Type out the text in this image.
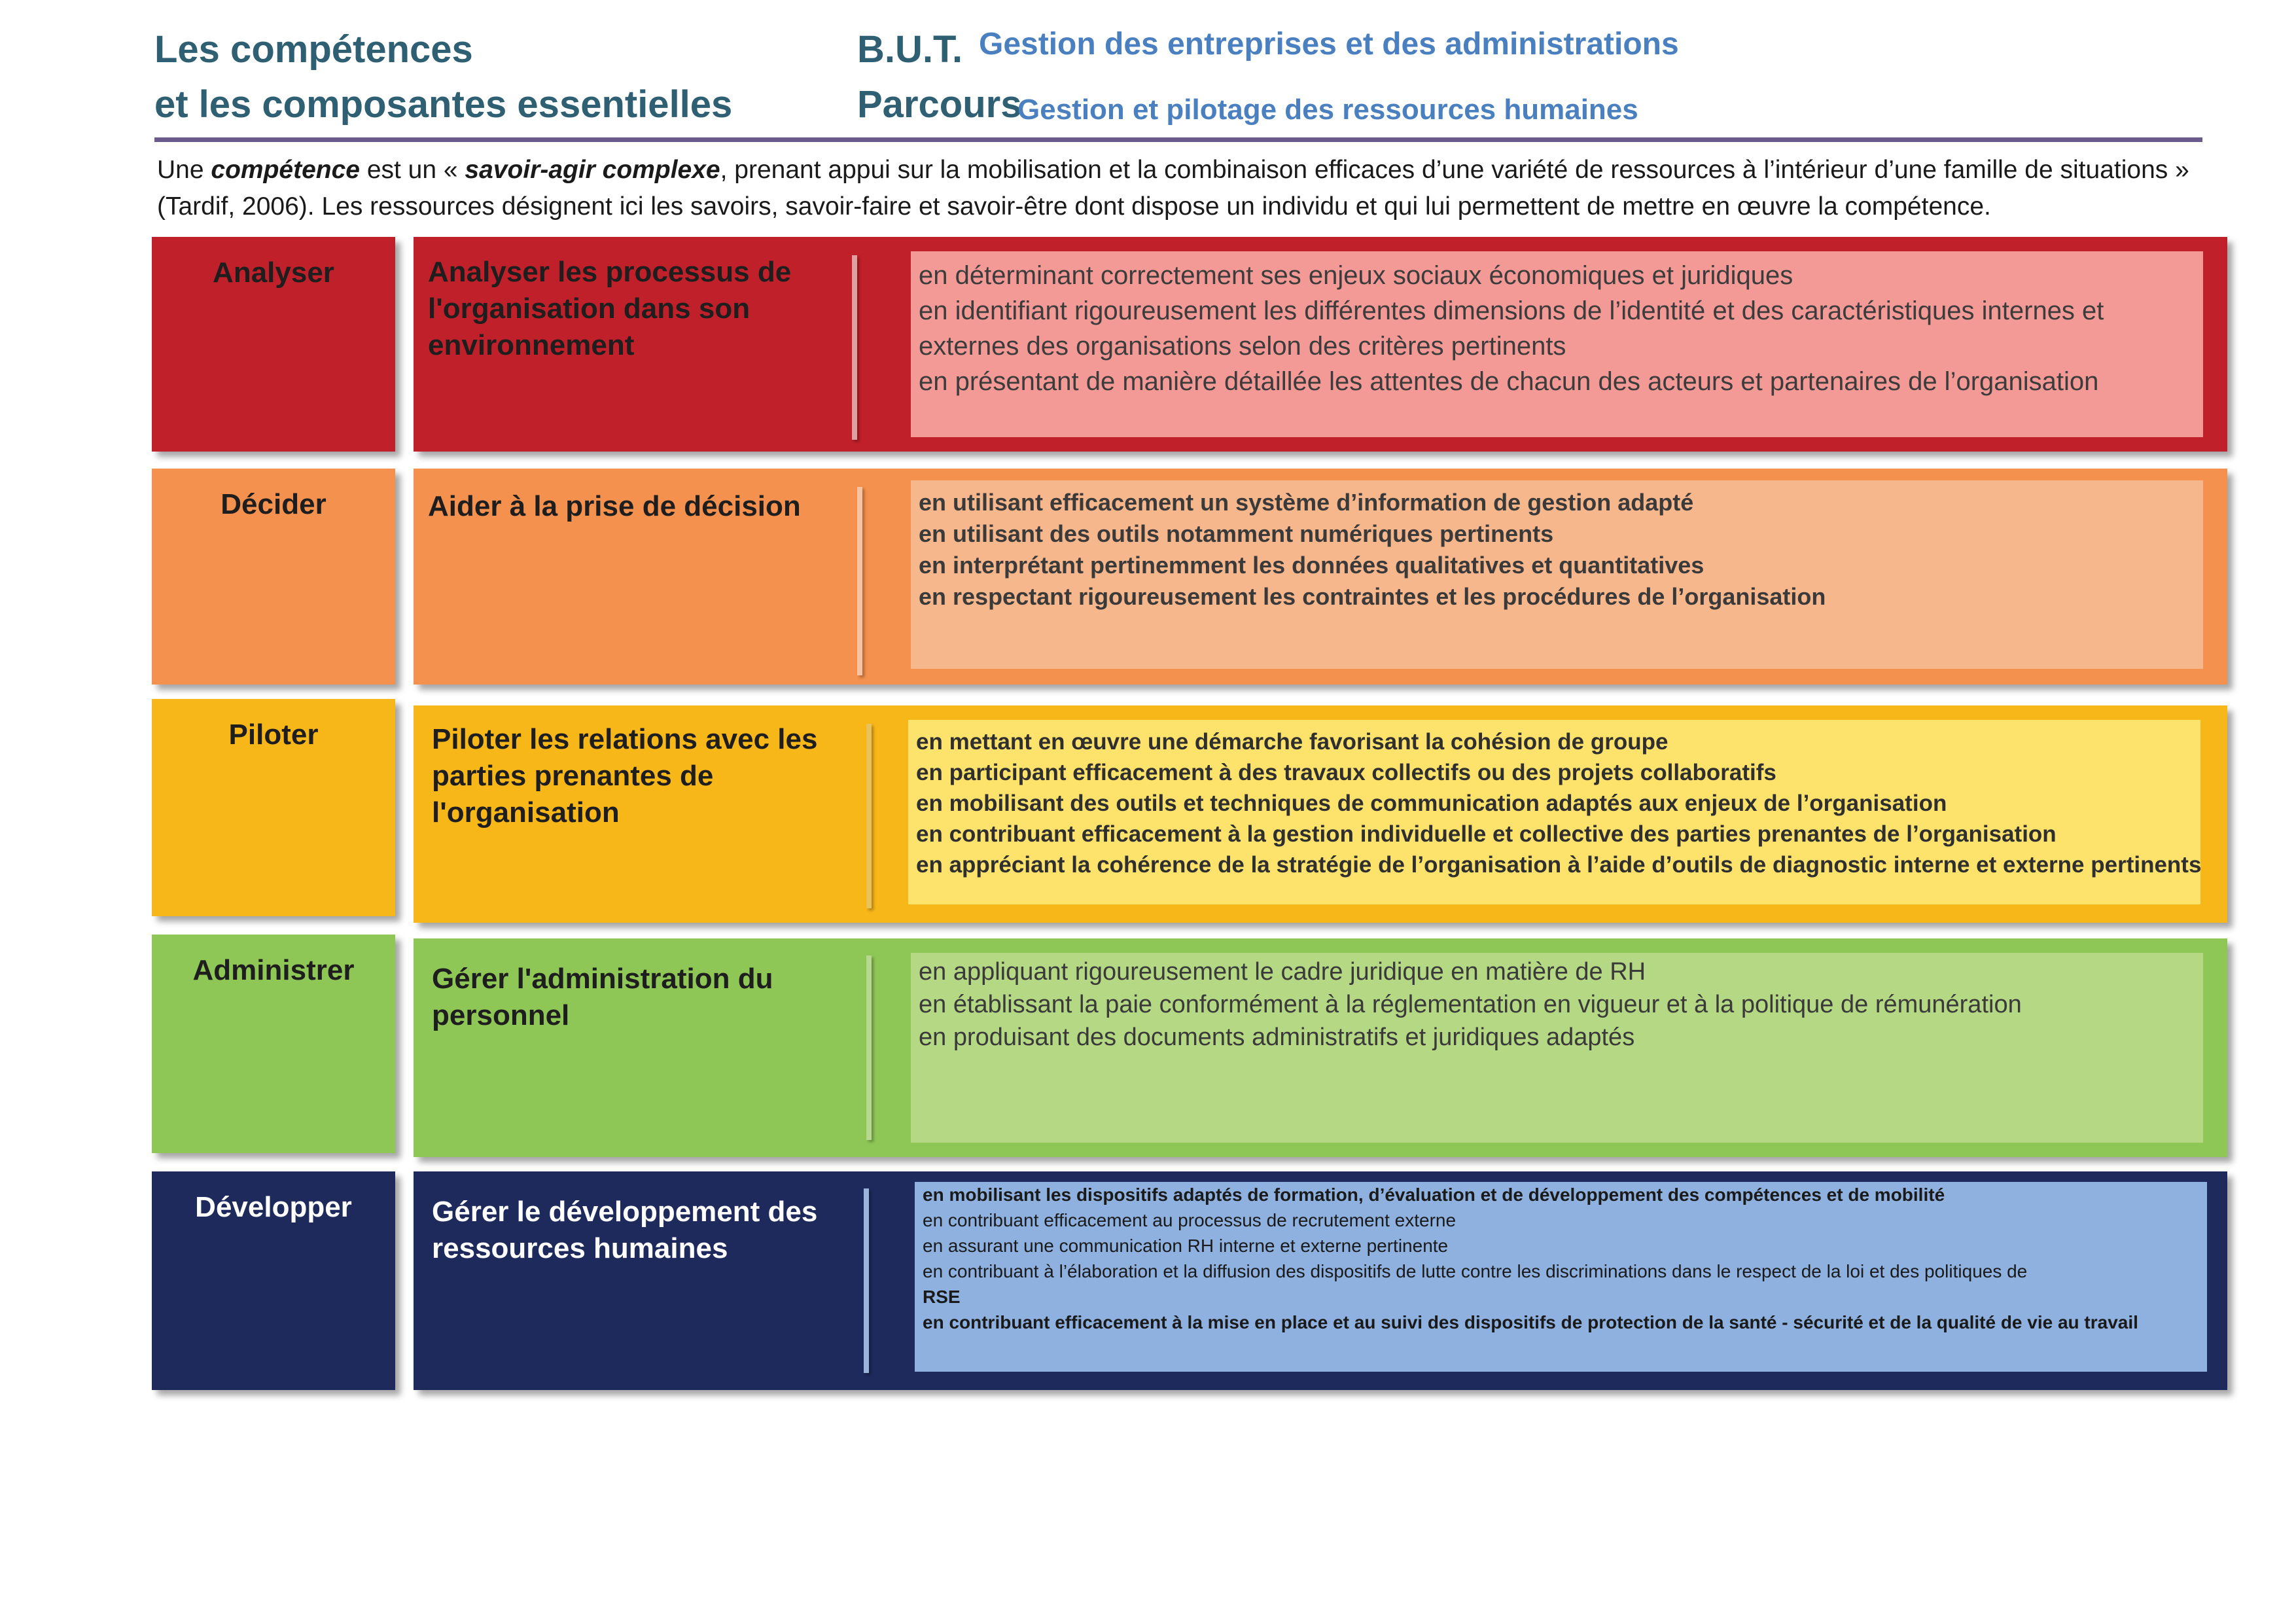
Les compétences
et les composantes essentielles
B.U.T.
Parcours
Gestion des entreprises et des administrations
Gestion et pilotage des ressources humaines
Une compétence est un « savoir-agir complexe, prenant appui sur la mobilisation et la combinaison efficaces d’une variété de ressources à l’intérieur d’une famille de situations » (Tardif, 2006). Les ressources désignent ici les savoirs, savoir-faire et savoir-être dont dispose un individu et qui lui permettent de mettre en œuvre la compétence.
Analyser	Analyser les processus de l'organisation dans son environnement
en déterminant correctement ses enjeux sociaux économiques et juridiques
en identifiant rigoureusement les différentes dimensions de l’identité et des caractéristiques internes et
externes des organisations selon des critères pertinents
en présentant de manière détaillée les attentes de chacun des acteurs et partenaires de l’organisation
Décider	Aider à la prise de décision	en utilisant efficacement un système d’information de gestion adapté
en utilisant des outils notamment numériques pertinents
en interprétant pertinemment les données qualitatives et quantitatives
en respectant rigoureusement les contraintes et les procédures de l’organisation
Piloter	Piloter les relations avec les parties prenantes de l'organisation
en mettant en œuvre une démarche favorisant la cohésion de groupe
en participant efficacement à des travaux collectifs ou des projets collaboratifs
en mobilisant des outils et techniques de communication adaptés aux enjeux de l’organisation
en contribuant efficacement à la gestion individuelle et collective des parties prenantes de l’organisation
en appréciant la cohérence de la stratégie de l’organisation à l’aide d’outils de diagnostic interne et externe pertinents
Administrer	Gérer l'administration du personnel
en appliquant rigoureusement le cadre juridique en matière de RH
en établissant la paie conformément à la réglementation en vigueur et à la politique de rémunération
en produisant des documents administratifs et juridiques adaptés
Développer	Gérer le développement des ressources humaines
en mobilisant les dispositifs adaptés de formation, d’évaluation et de développement des compétences et de mobilité
en contribuant efficacement au processus de recrutement externe
en assurant une communication RH interne et externe pertinente
en contribuant à l’élaboration et la diffusion des dispositifs de lutte contre les discriminations dans le respect de la loi et des politiques de
RSE
en contribuant efficacement à la mise en place et au suivi des dispositifs de protection de la santé - sécurité et de la qualité de vie au travail
